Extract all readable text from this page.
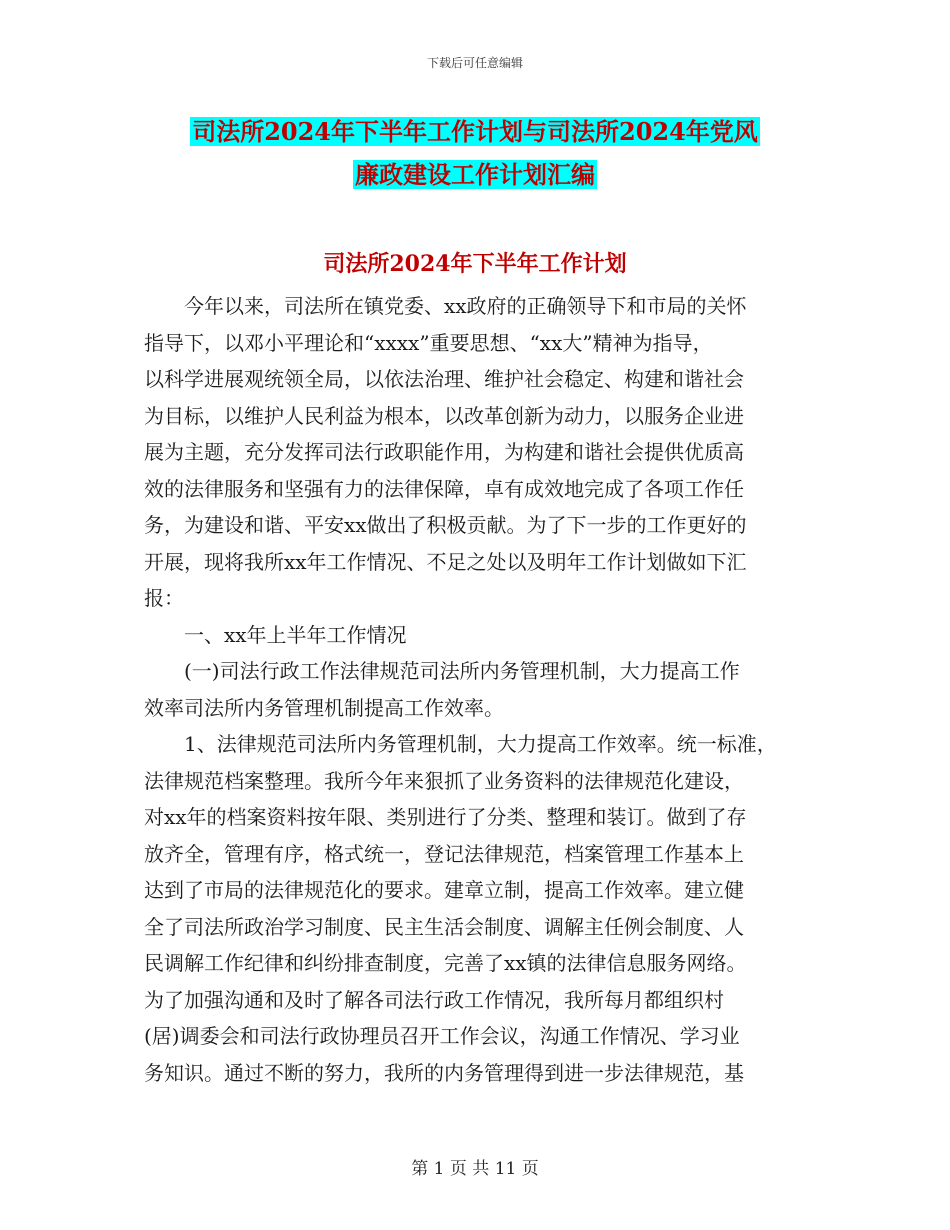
下载后可任意编辑
司法所2024年下半年工作计划与司法所2024年党风
廉政建设工作计划汇编
司法所2024年下半年工作计划
　　今年以来，司法所在镇党委、xx政府的正确领导下和市局的关怀
指导下，以邓小平理论和“xxxx”重要思想、“xx大”精神为指导，
以科学进展观统领全局，以依法治理、维护社会稳定、构建和谐社会
为目标，以维护人民利益为根本，以改革创新为动力，以服务企业进
展为主题，充分发挥司法行政职能作用，为构建和谐社会提供优质高
效的法律服务和坚强有力的法律保障，卓有成效地完成了各项工作任
务，为建设和谐、平安xx做出了积极贡献。为了下一步的工作更好的
开展，现将我所xx年工作情况、不足之处以及明年工作计划做如下汇
报：
　　一、xx年上半年工作情况
　　(一)司法行政工作法律规范司法所内务管理机制，大力提高工作
效率司法所内务管理机制提高工作效率。
　　1、法律规范司法所内务管理机制，大力提高工作效率。统一标准，
法律规范档案整理。我所今年来狠抓了业务资料的法律规范化建设，
对xx年的档案资料按年限、类别进行了分类、整理和装订。做到了存
放齐全，管理有序，格式统一，登记法律规范，档案管理工作基本上
达到了市局的法律规范化的要求。建章立制，提高工作效率。建立健
全了司法所政治学习制度、民主生活会制度、调解主任例会制度、人
民调解工作纪律和纠纷排查制度，完善了xx镇的法律信息服务网络。
为了加强沟通和及时了解各司法行政工作情况，我所每月都组织村
(居)调委会和司法行政协理员召开工作会议，沟通工作情况、学习业
务知识。通过不断的努力，我所的内务管理得到进一步法律规范，基
第 1 页 共 11 页
